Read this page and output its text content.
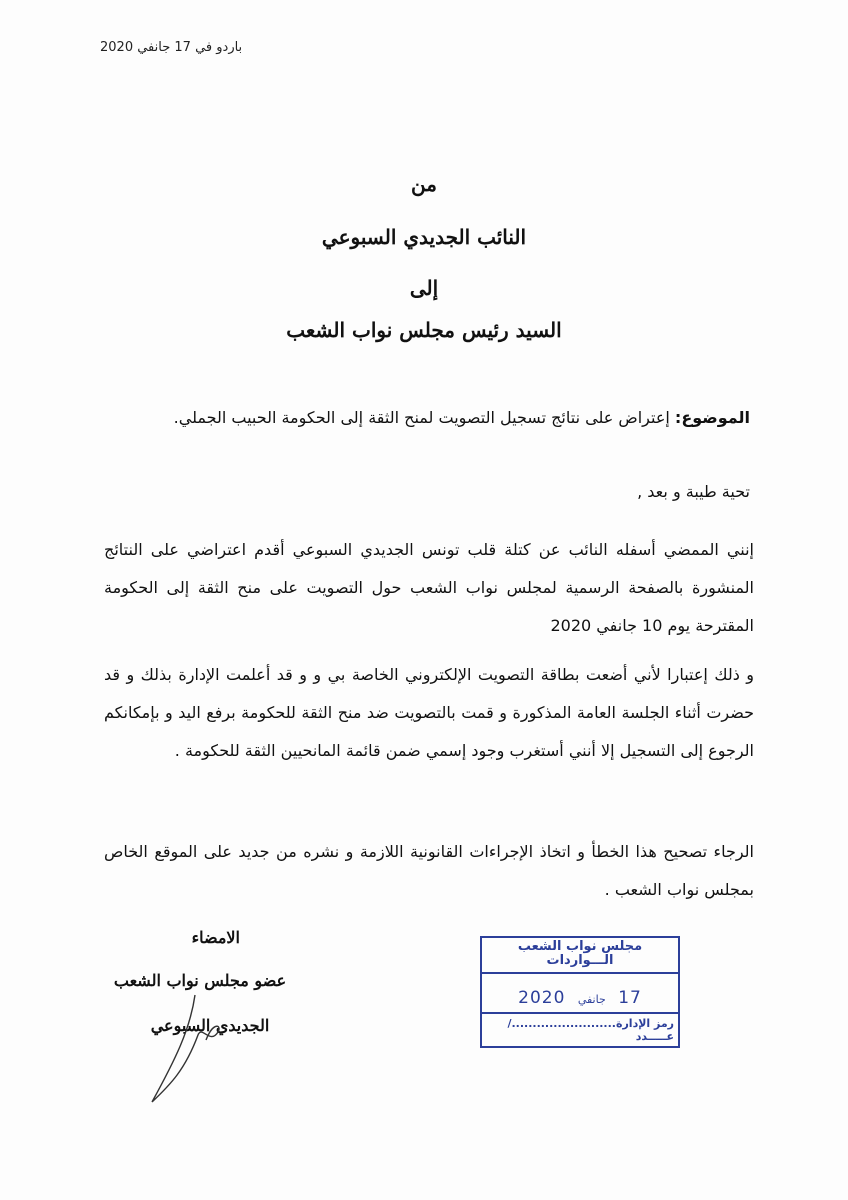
باردو في 17 جانفي 2020
من
النائب الجديدي السبوعي
إلى
السيد رئيس مجلس نواب الشعب
الموضوع: إعتراض على نتائج تسجيل التصويت لمنح الثقة إلى الحكومة الحبيب الجملي.
تحية طيبة و بعد ,
إنني الممضي أسفله النائب عن كتلة قلب تونس الجديدي السبوعي أقدم اعتراضي على النتائج المنشورة بالصفحة الرسمية لمجلس نواب الشعب حول التصويت على منح الثقة إلى الحكومة المقترحة يوم 10 جانفي 2020
و ذلك إعتبارا لأني أضعت بطاقة التصويت الإلكتروني الخاصة بي و و قد أعلمت الإدارة بذلك و قد حضرت أثناء الجلسة العامة المذكورة و قمت بالتصويت ضد منح الثقة للحكومة برفع اليد و بإمكانكم الرجوع إلى التسجيل إلا أنني أستغرب وجود إسمي ضمن قائمة المانحيين الثقة للحكومة .
الرجاء تصحيح هذا الخطأ و اتخاذ الإجراءات القانونية اللازمة و نشره من جديد على الموقع الخاص بمجلس نواب الشعب .
الامضاء
عضو مجلس نواب الشعب
الجديدي السبوعي
مجلس نواب الشعب
الـــواردات
2020 جانفي 17
رمز الإدارة........................./عـــــدد
